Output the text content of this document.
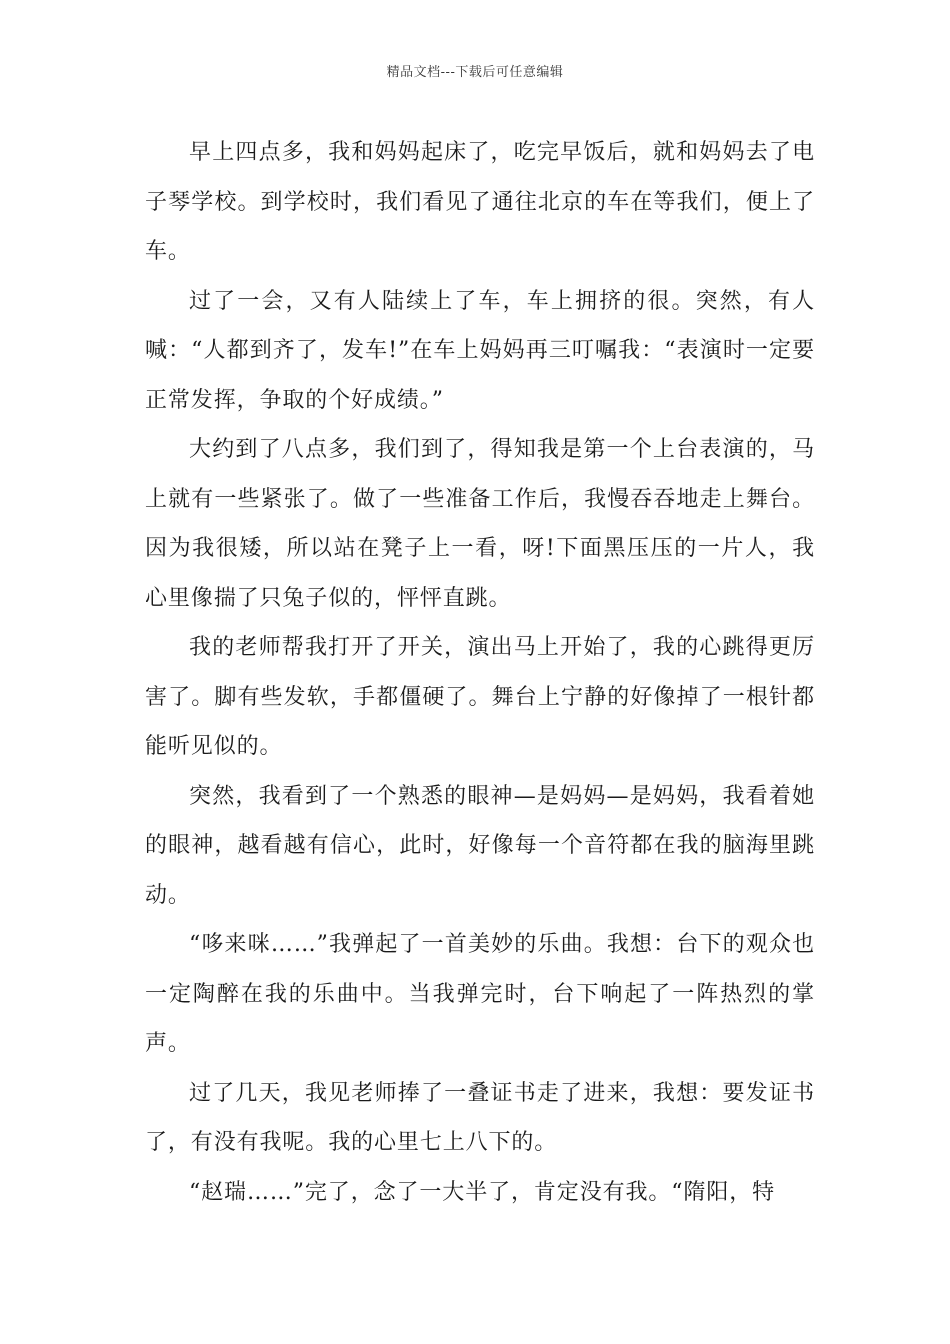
精品文档---下载后可任意编辑

早上四点多，我和妈妈起床了，吃完早饭后，就和妈妈去了电子琴学校。到学校时，我们看见了通往北京的车在等我们，便上了车。

过了一会，又有人陆续上了车，车上拥挤的很。突然，有人喊：“人都到齐了，发车!”在车上妈妈再三叮嘱我：“表演时一定要正常发挥，争取的个好成绩。”

大约到了八点多，我们到了，得知我是第一个上台表演的，马上就有一些紧张了。做了一些准备工作后，我慢吞吞地走上舞台。因为我很矮，所以站在凳子上一看，呀!下面黑压压的一片人，我心里像揣了只兔子似的，怦怦直跳。

我的老师帮我打开了开关，演出马上开始了，我的心跳得更厉害了。脚有些发软，手都僵硬了。舞台上宁静的好像掉了一根针都能听见似的。

突然，我看到了一个熟悉的眼神—是妈妈—是妈妈，我看着她的眼神，越看越有信心，此时，好像每一个音符都在我的脑海里跳动。

“哆来咪……”我弹起了一首美妙的乐曲。我想：台下的观众也一定陶醉在我的乐曲中。当我弹完时，台下响起了一阵热烈的掌声。

过了几天，我见老师捧了一叠证书走了进来，我想：要发证书了，有没有我呢。我的心里七上八下的。

“赵瑞……”完了，念了一大半了，肯定没有我。“隋阳，特
